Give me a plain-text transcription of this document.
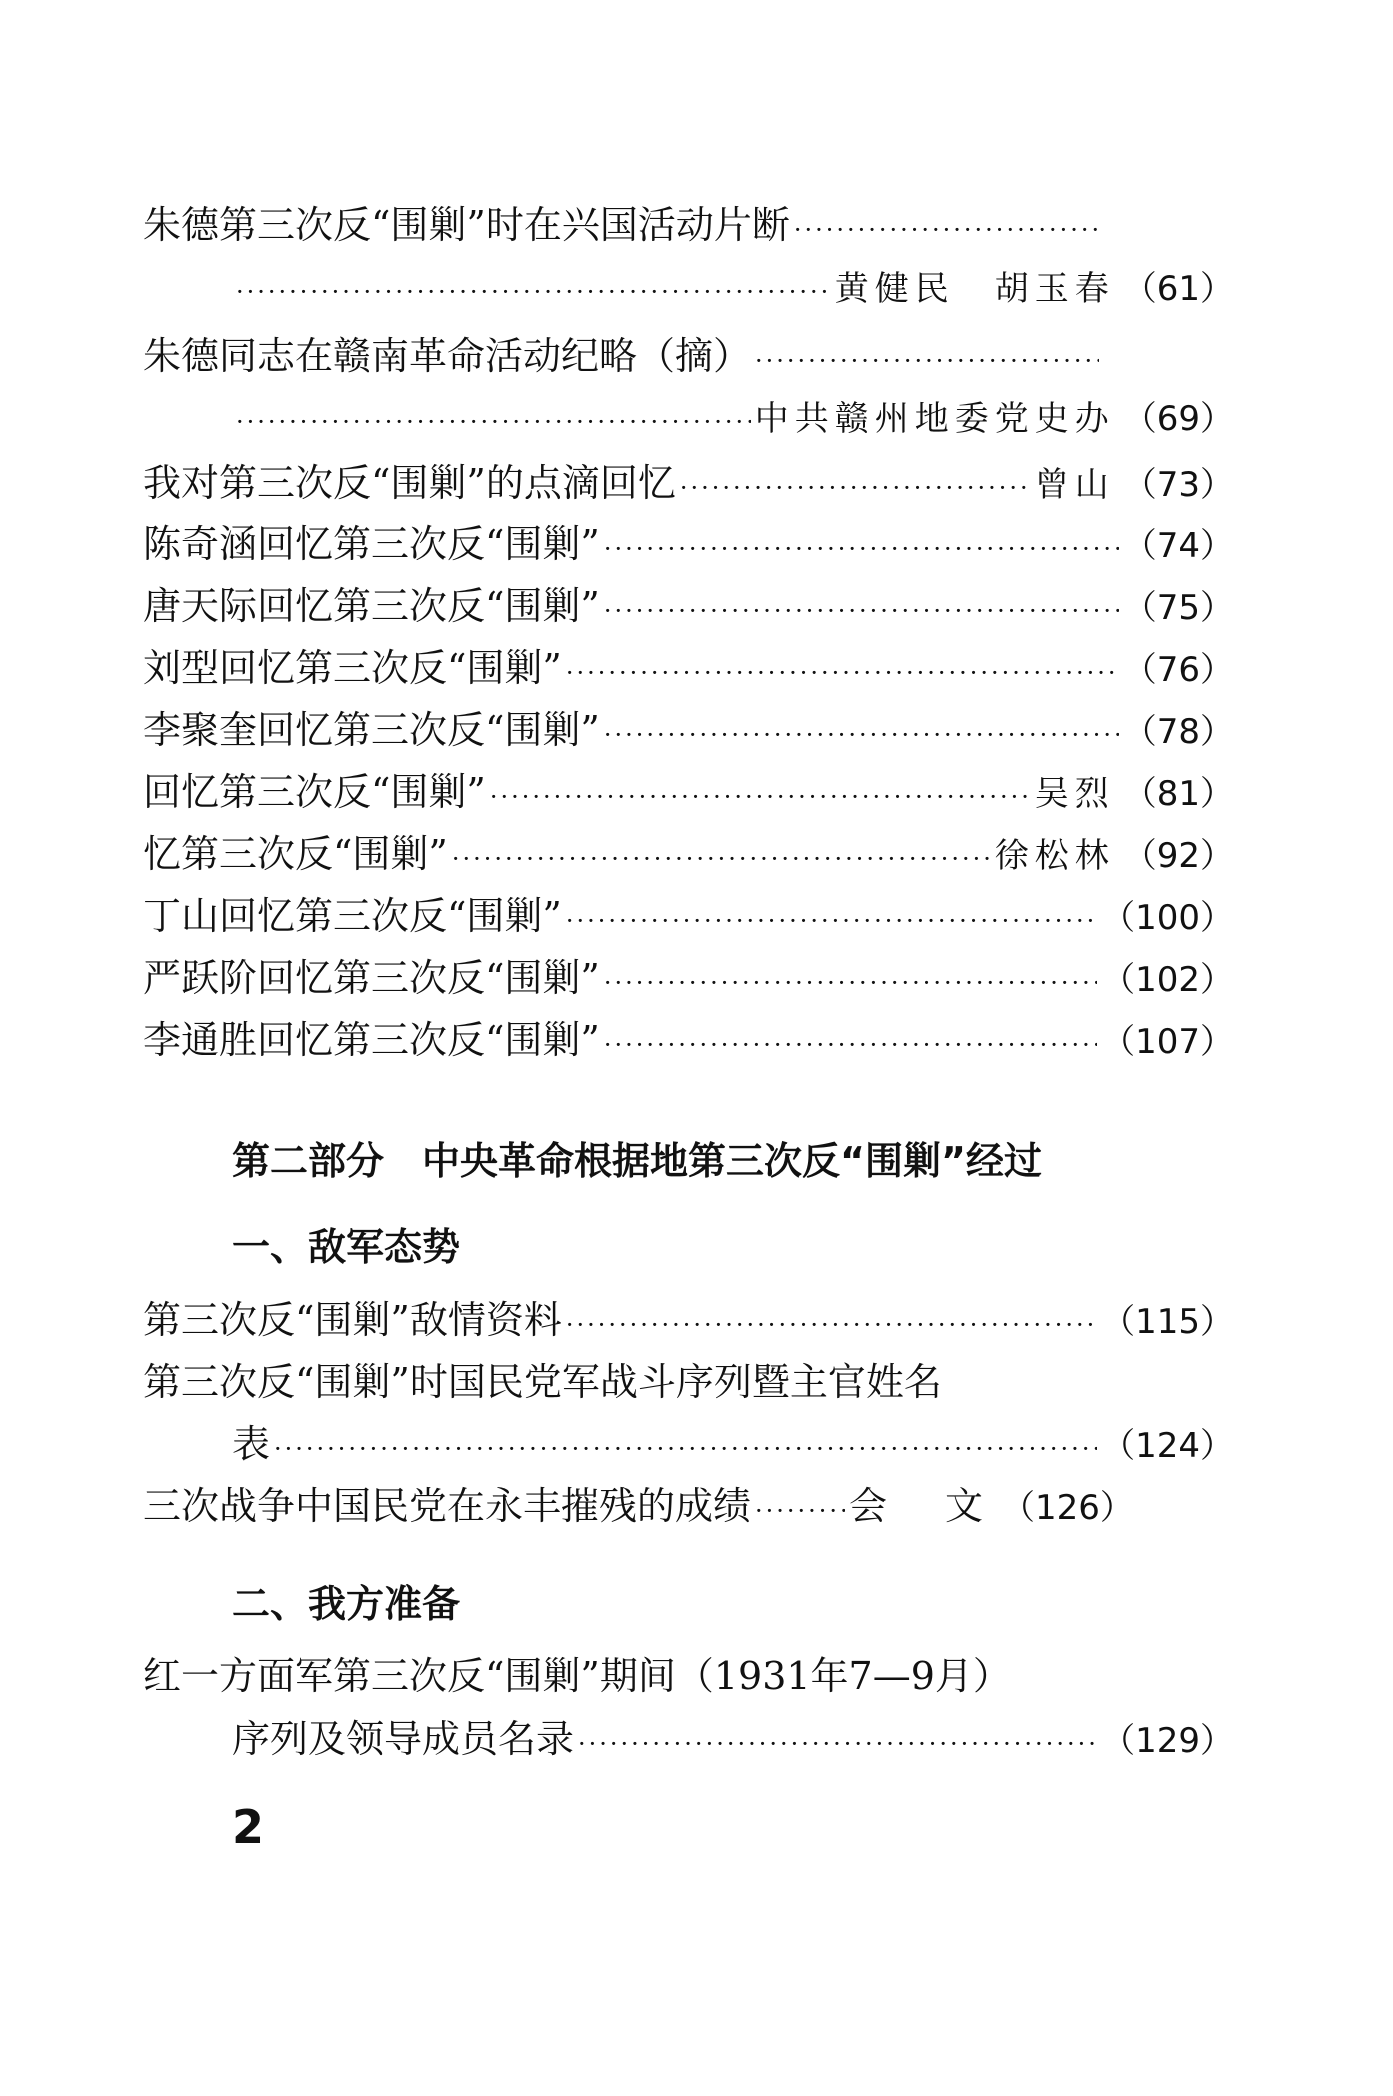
朱德第三次反“围剿”时在兴国活动片断
·····
·····
黄健民　胡玉春 （61）
朱德同志在赣南革命活动纪略（摘）
·····
·····
中共赣州地委党史办 （69）
我对第三次反“围剿”的点滴回忆 ·····	曾山 （73）
陈奇涵回忆第三次反“围剿” ·····	（74）
唐天际回忆第三次反“围剿” ·····	（75）
刘型回忆第三次反“围剿” ·····	（76）
李聚奎回忆第三次反“围剿” ·····	（78）
回忆第三次反“围剿” ·····	吴烈 （81）
忆第三次反“围剿” ·····	徐松林 （92）
丁山回忆第三次反“围剿” ·····	（100）
严跃阶回忆第三次反“围剿” ·····	（102）
李通胜回忆第三次反“围剿” ·····	（107）
第二部分　中央革命根据地第三次反“围剿”经过
一、敌军态势
第三次反“围剿”敌情资料 ·····	（115）
第三次反“围剿”时国民党军战斗序列暨主官姓名
表 ·····	（124）
三次战争中国民党在永丰摧残的成绩 ·····	会　文 （126）
二、我方准备
红一方面军第三次反“围剿”期间（1931年7—9月）
序列及领导成员名录 ·····	（129）
2
